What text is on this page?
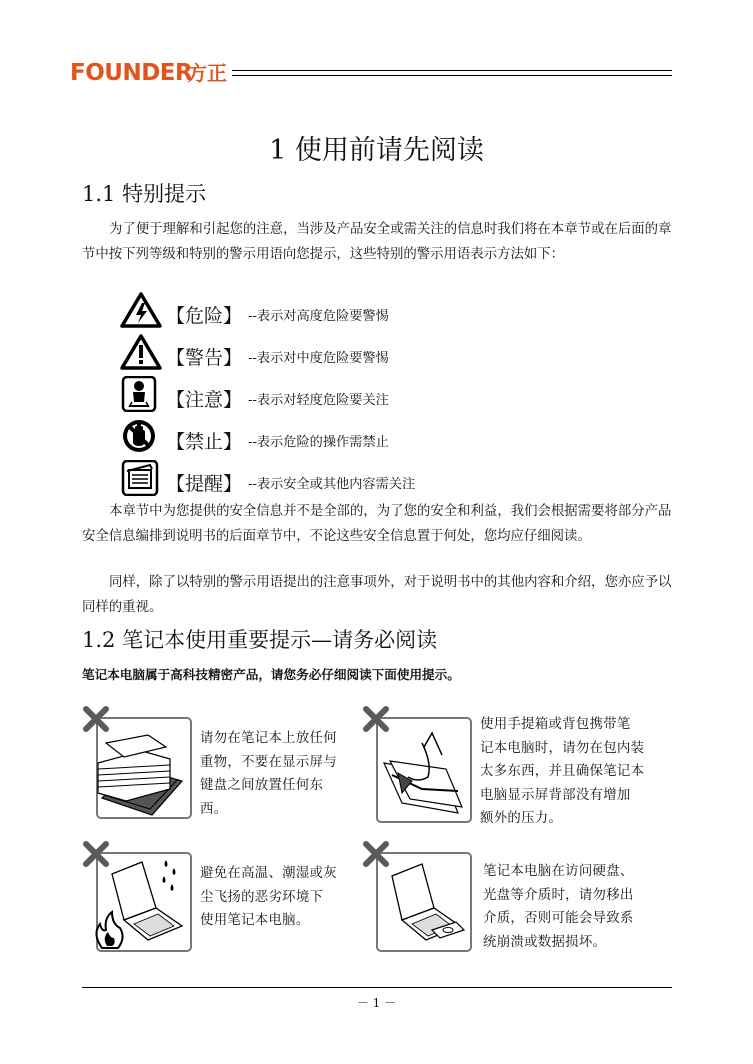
FOUNDER
方正
1 使用前请先阅读
1.1 特别提示
为了便于理解和引起您的注意，当涉及产品安全或需关注的信息时我们将在本章节或在后面的章节中按下列等级和特别的警示用语向您提示，这些特别的警示用语表示方法如下：
【危险】 --表示对高度危险要警惕
【警告】 --表示对中度危险要警惕
【注意】 --表示对轻度危险要关注
【禁止】 --表示危险的操作需禁止
【提醒】 --表示安全或其他内容需关注
本章节中为您提供的安全信息并不是全部的，为了您的安全和利益，我们会根据需要将部分产品安全信息编排到说明书的后面章节中，不论这些安全信息置于何处，您均应仔细阅读。
同样，除了以特别的警示用语提出的注意事项外，对于说明书中的其他内容和介绍，您亦应予以同样的重视。
1.2 笔记本使用重要提示—请务必阅读
笔记本电脑属于高科技精密产品，请您务必仔细阅读下面使用提示。
请勿在笔记本上放任何
重物，不要在显示屏与
键盘之间放置任何东
西。
使用手提箱或背包携带笔
记本电脑时，请勿在包内装
太多东西，并且确保笔记本
电脑显示屏背部没有增加
额外的压力。
避免在高温、潮湿或灰
尘飞扬的恶劣环境下
使用笔记本电脑。
笔记本电脑在访问硬盘、
光盘等介质时，请勿移出
介质，否则可能会导致系
统崩溃或数据损坏。
－ 1 －
